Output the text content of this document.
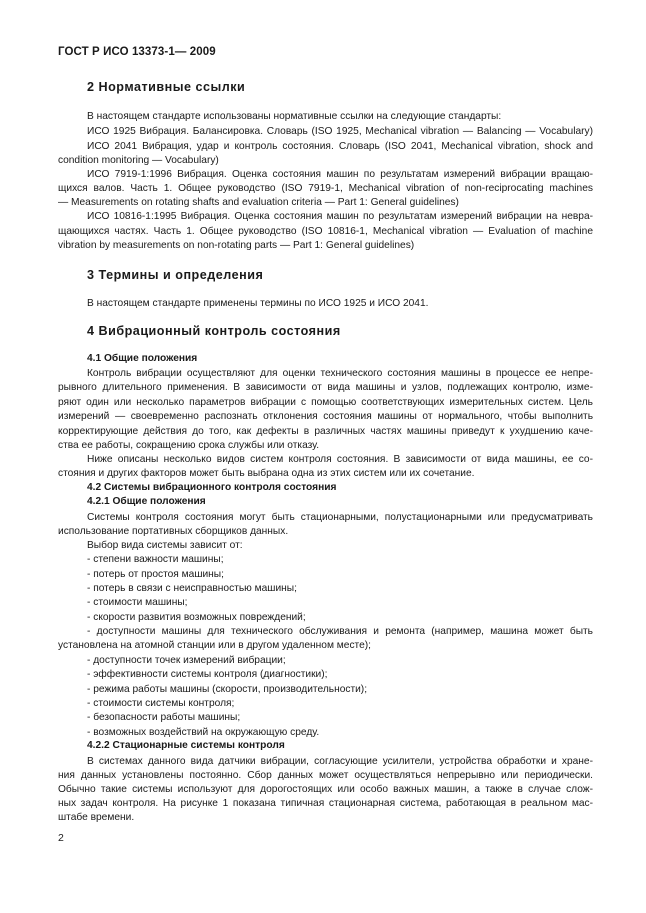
ГОСТ Р ИСО 13373-1— 2009
2 Нормативные ссылки
В настоящем стандарте использованы нормативные ссылки на следующие стандарты:
ИСО 1925 Вибрация. Балансировка. Словарь (ISO 1925, Mechanical vibration — Balancing — Vocabulary)
ИСО 2041 Вибрация, удар и контроль состояния. Словарь (ISO 2041, Mechanical vibration, shock and
condition monitoring — Vocabulary)
ИСО 7919-1:1996 Вибрация. Оценка состояния машин по результатам измерений вибрации вращаю-
щихся валов. Часть 1. Общее руководство (ISO 7919-1, Mechanical vibration of non-reciprocating machines
— Measurements on rotating shafts and evaluation criteria — Part 1: General guidelines)
ИСО 10816-1:1995 Вибрация. Оценка состояния машин по результатам измерений вибрации на невра-
щающихся частях. Часть 1. Общее руководство (ISO 10816-1, Mechanical vibration — Evaluation of machine
vibration by measurements on non-rotating parts — Part 1: General guidelines)
3 Термины и определения
В настоящем стандарте применены термины по ИСО 1925 и ИСО 2041.
4 Вибрационный контроль состояния
4.1 Общие положения
Контроль вибрации осуществляют для оценки технического состояния машины в процессе ее непре-
рывного длительного применения. В зависимости от вида машины и узлов, подлежащих контролю, изме-
ряют один или несколько параметров вибрации с помощью соответствующих измерительных систем. Цель
измерений — своевременно распознать отклонения состояния машины от нормального, чтобы выполнить
корректирующие действия до того, как дефекты в различных частях машины приведут к ухудшению каче-
ства ее работы, сокращению срока службы или отказу.
Ниже описаны несколько видов систем контроля состояния. В зависимости от вида машины, ее со-
стояния и других факторов может быть выбрана одна из этих систем или их сочетание.
4.2 Системы вибрационного контроля состояния
4.2.1 Общие положения
Системы контроля состояния могут быть стационарными, полустационарными или предусматривать
использование портативных сборщиков данных.
Выбор вида системы зависит от:
- степени важности машины;
- потерь от простоя машины;
- потерь в связи с неисправностью машины;
- стоимости машины;
- скорости развития возможных повреждений;
- доступности машины для технического обслуживания и ремонта (например, машина может быть
установлена на атомной станции или в другом удаленном месте);
- доступности точек измерений вибрации;
- эффективности системы контроля (диагностики);
- режима работы машины (скорости, производительности);
- стоимости системы контроля;
- безопасности работы машины;
- возможных воздействий на окружающую среду.
4.2.2 Стационарные системы контроля
В системах данного вида датчики вибрации, согласующие усилители, устройства обработки и хране-
ния данных установлены постоянно. Сбор данных может осуществляться непрерывно или периодически.
Обычно такие системы используют для дорогостоящих или особо важных машин, а также в случае слож-
ных задач контроля. На рисунке 1 показана типичная стационарная система, работающая в реальном мас-
штабе времени.
2
